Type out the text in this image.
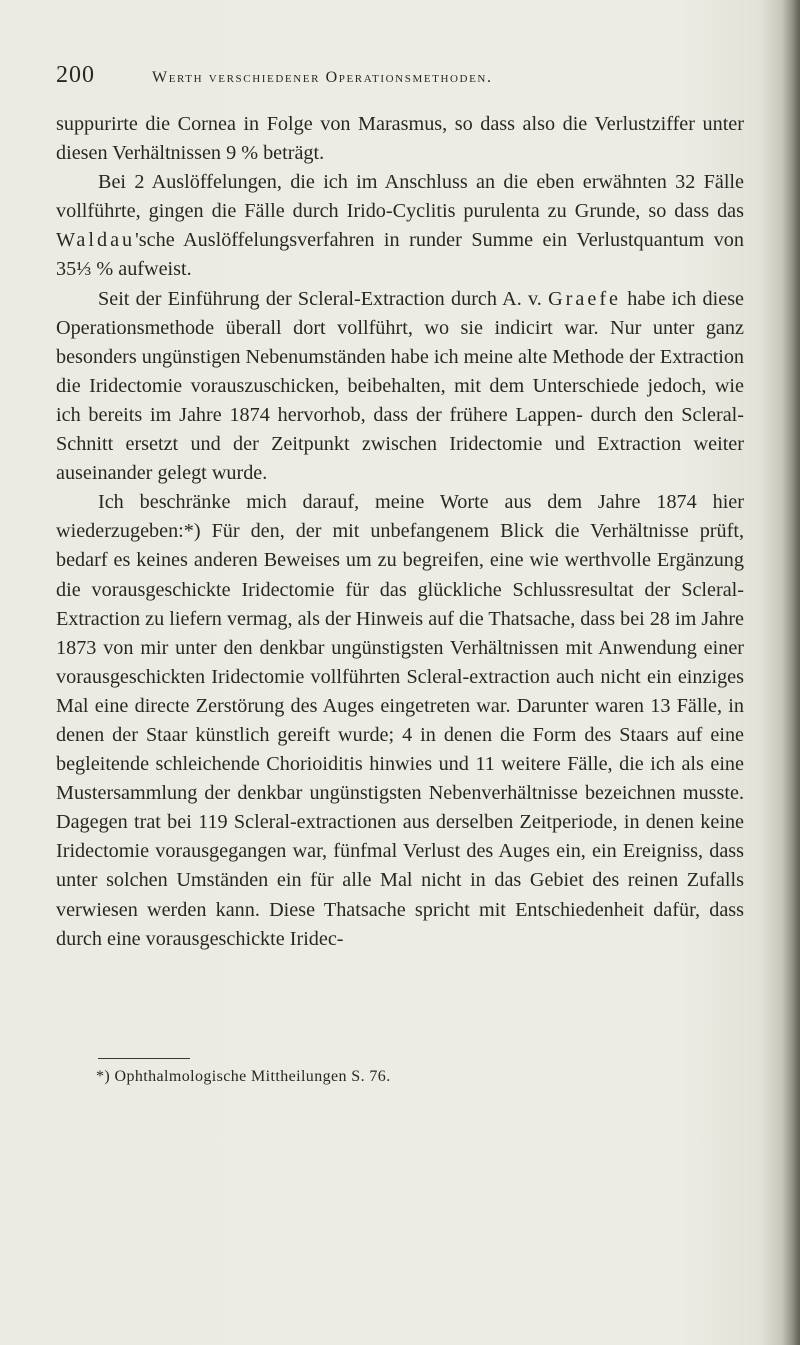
200	Werth verschiedener Operationsmethoden.

suppurirte die Cornea in Folge von Marasmus, so dass also die Verlustziffer unter diesen Verhältnissen 9 % beträgt.

Bei 2 Auslöffelungen, die ich im Anschluss an die eben erwähnten 32 Fälle vollführte, gingen die Fälle durch Irido-Cyclitis purulenta zu Grunde, so dass das Waldau'sche Auslöffelungsverfahren in runder Summe ein Verlustquantum von 35⅓ % aufweist.

Seit der Einführung der Scleral-Extraction durch A. v. Graefe habe ich diese Operationsmethode überall dort vollführt, wo sie indicirt war. Nur unter ganz besonders ungünstigen Nebenumständen habe ich meine alte Methode der Extraction die Iridectomie vorauszuschicken, beibehalten, mit dem Unterschiede jedoch, wie ich bereits im Jahre 1874 hervorhob, dass der frühere Lappen- durch den Scleral-Schnitt ersetzt und der Zeitpunkt zwischen Iridectomie und Extraction weiter auseinander gelegt wurde.

Ich beschränke mich darauf, meine Worte aus dem Jahre 1874 hier wiederzugeben:*) Für den, der mit unbefangenem Blick die Verhältnisse prüft, bedarf es keines anderen Beweises um zu begreifen, eine wie werthvolle Ergänzung die vorausgeschickte Iridectomie für das glückliche Schlussresultat der Scleral-Extraction zu liefern vermag, als der Hinweis auf die Thatsache, dass bei 28 im Jahre 1873 von mir unter den denkbar ungünstigsten Verhältnissen mit Anwendung einer vorausgeschickten Iridectomie vollführten Scleral-extraction auch nicht ein einziges Mal eine directe Zerstörung des Auges eingetreten war. Darunter waren 13 Fälle, in denen der Staar künstlich gereift wurde; 4 in denen die Form des Staars auf eine begleitende schleichende Chorioiditis hinwies und 11 weitere Fälle, die ich als eine Mustersammlung der denkbar ungünstigsten Nebenverhältnisse bezeichnen musste. Dagegen trat bei 119 Scleral-extractionen aus derselben Zeitperiode, in denen keine Iridectomie vorausgegangen war, fünfmal Verlust des Auges ein, ein Ereigniss, dass unter solchen Umständen ein für alle Mal nicht in das Gebiet des reinen Zufalls verwiesen werden kann. Diese Thatsache spricht mit Entschiedenheit dafür, dass durch eine vorausgeschickte Iridec-

*) Ophthalmologische Mittheilungen S. 76.
